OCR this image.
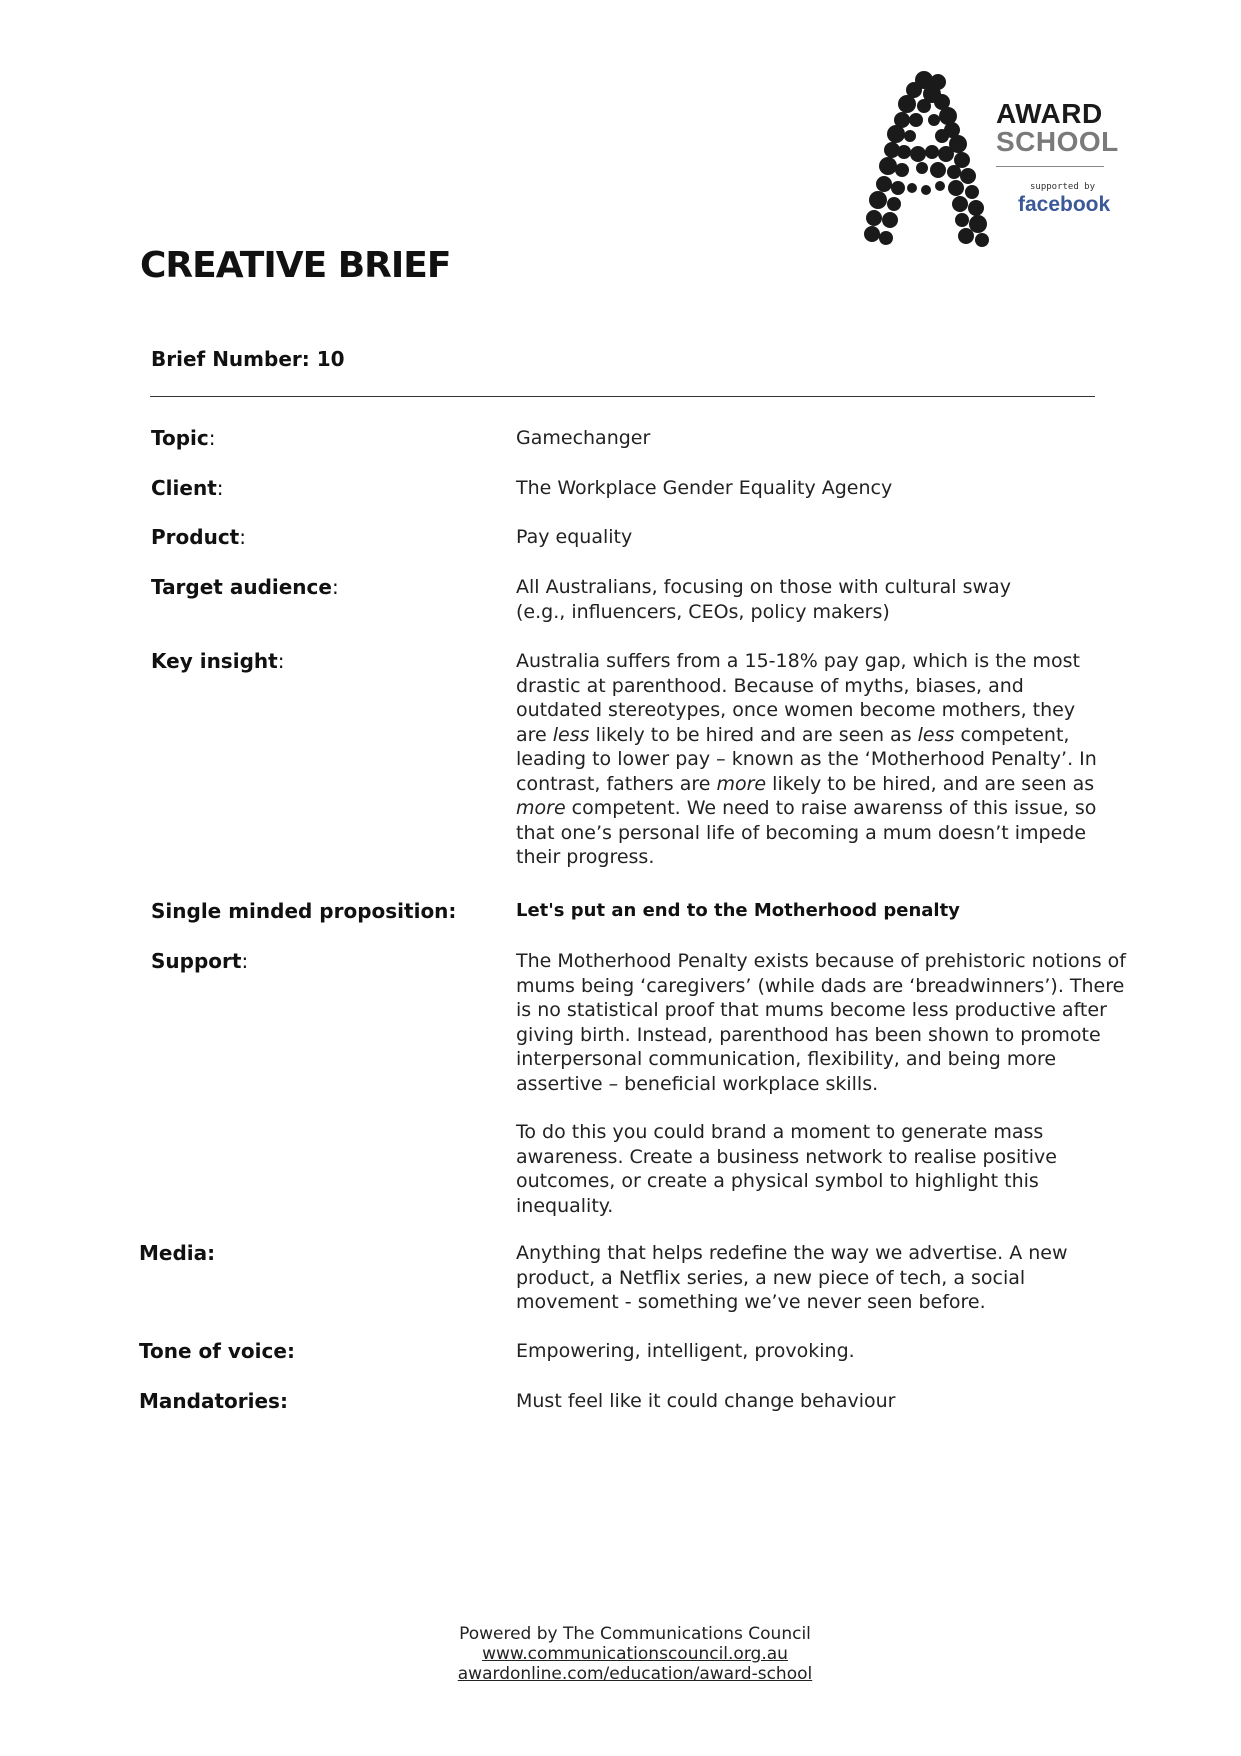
AWARD
SCHOOL
supported by
facebook
CREATIVE BRIEF
Brief Number: 10
Topic:	Gamechanger
Client:	The Workplace Gender Equality Agency
Product:	Pay equality
Target audience:	All Australians, focusing on those with cultural sway (e.g., influencers, CEOs, policy makers)
Key insight:	Australia suffers from a 15-18% pay gap, which is the most drastic at parenthood. Because of myths, biases, and outdated stereotypes, once women become mothers, they are less likely to be hired and are seen as less competent, leading to lower pay – known as the ‘Motherhood Penalty’. In contrast, fathers are more likely to be hired, and are seen as more competent. We need to raise awarenss of this issue, so that one’s personal life of becoming a mum doesn’t impede their progress.
Single minded proposition:	Let's put an end to the Motherhood penalty
Support:	The Motherhood Penalty exists because of prehistoric notions of mums being ‘caregivers’ (while dads are ‘breadwinners’). There is no statistical proof that mums become less productive after giving birth. Instead, parenthood has been shown to promote interpersonal communication, flexibility, and being more assertive – beneficial workplace skills.

To do this you could brand a moment to generate mass awareness. Create a business network to realise positive outcomes, or create a physical symbol to highlight this inequality.

Media:	Anything that helps redefine the way we advertise. A new product, a Netflix series, a new piece of tech, a social movement - something we’ve never seen before.
Tone of voice:	Empowering, intelligent, provoking.
Mandatories:	Must feel like it could change behaviour
Powered by The Communications Council
www.communicationscouncil.org.au
awardonline.com/education/award-school
